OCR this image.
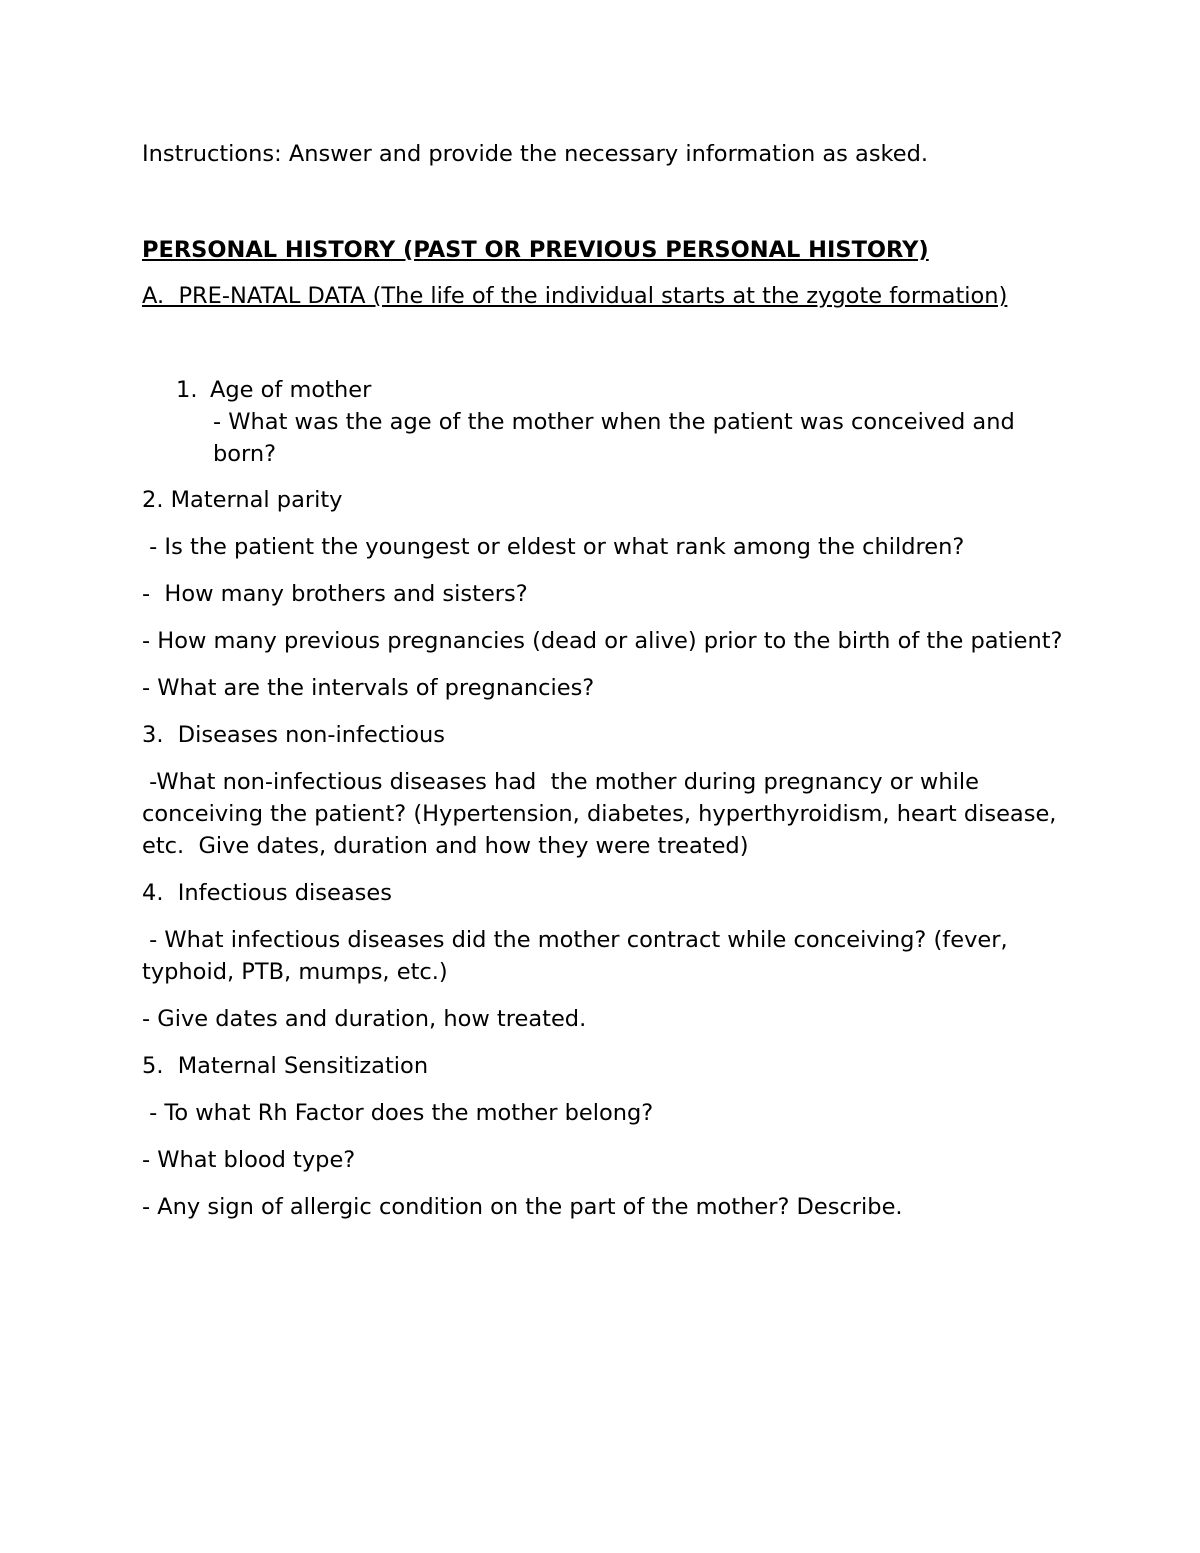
Instructions: Answer and provide the necessary information as asked.

PERSONAL HISTORY (PAST OR PREVIOUS PERSONAL HISTORY)

A.  PRE-NATAL DATA (The life of the individual starts at the zygote formation)

1. Age of mother
- What was the age of the mother when the patient was conceived and born?

2. Maternal parity

- Is the patient the youngest or eldest or what rank among the children?

-  How many brothers and sisters?

- How many previous pregnancies (dead or alive) prior to the birth of the patient?

- What are the intervals of pregnancies?

3.  Diseases non-infectious

-What non-infectious diseases had  the mother during pregnancy or while conceiving the patient? (Hypertension, diabetes, hyperthyroidism, heart disease, etc.  Give dates, duration and how they were treated)

4.  Infectious diseases

- What infectious diseases did the mother contract while conceiving? (fever, typhoid, PTB, mumps, etc.)

- Give dates and duration, how treated.

5.  Maternal Sensitization

- To what Rh Factor does the mother belong?

- What blood type?

- Any sign of allergic condition on the part of the mother? Describe.
